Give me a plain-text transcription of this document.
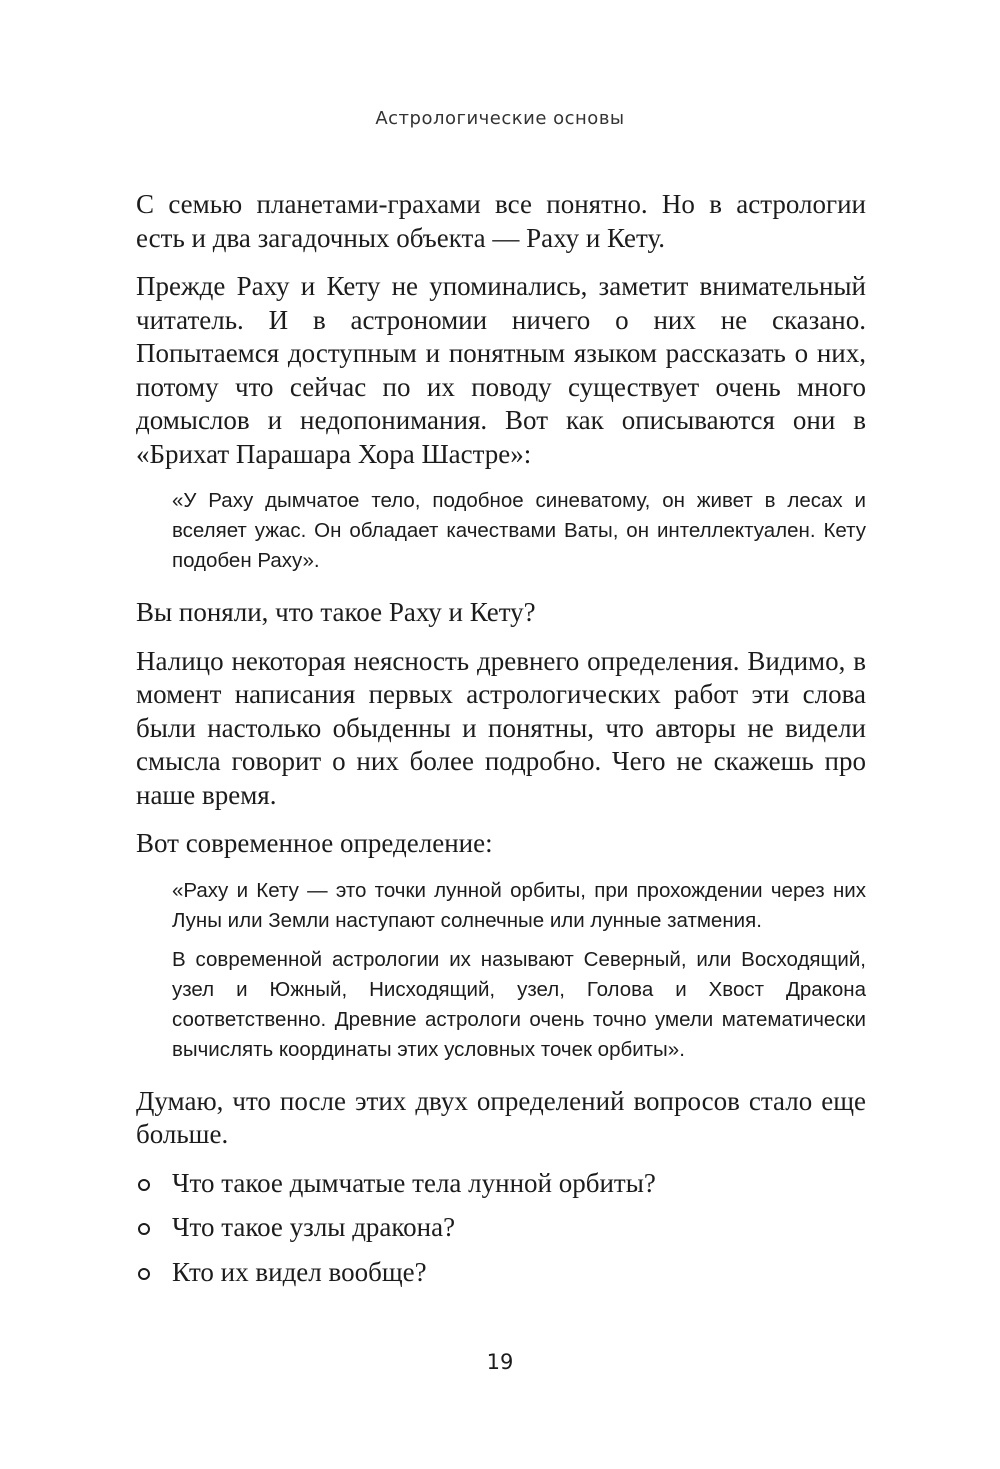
Астрологические основы

С семью планетами-грахами все понятно. Но в астрологии есть и два загадочных объекта — Раху и Кету.

Прежде Раху и Кету не упоминались, заметит внимательный читатель. И в астрономии ничего о них не сказано. Попытаемся доступным и понятным языком рассказать о них, потому что сейчас по их поводу существует очень много домыслов и недопонимания. Вот как описываются они в «Брихат Парашара Хора Шастре»:

«У Раху дымчатое тело, подобное синеватому, он живет в лесах и вселяет ужас. Он обладает качествами Ваты, он интеллектуален. Кету подобен Раху».

Вы поняли, что такое Раху и Кету?

Налицо некоторая неясность древнего определения. Видимо, в момент написания первых астрологических работ эти слова были настолько обыденны и понятны, что авторы не видели смысла говорит о них более подробно. Чего не скажешь про наше время.

Вот современное определение:

«Раху и Кету — это точки лунной орбиты, при прохождении через них Луны или Земли наступают солнечные или лунные затмения.

В современной астрологии их называют Северный, или Восходящий, узел и Южный, Нисходящий, узел, Голова и Хвост Дракона соответственно. Древние астрологи очень точно умели математически вычислять координаты этих условных точек орбиты».

Думаю, что после этих двух определений вопросов стало еще больше.

Что такое дымчатые тела лунной орбиты?
Что такое узлы дракона?
Кто их видел вообще?
19
